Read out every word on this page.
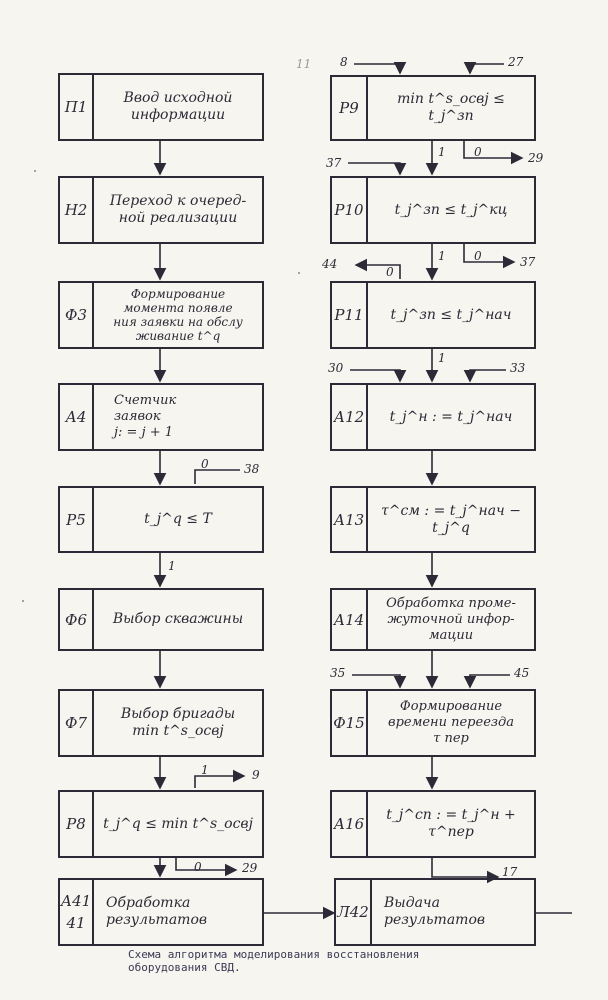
П1	Ввод исходной
информации
Н2	Переход к очеред-
ной реализации
Ф3
Формирование
момента появле
ния заявки на обслу
живание t^q
А4
Счетчик
заявок
j: = j + 1
Р5	t_j^q ≤ T
Ф6	Выбор скважины
Ф7	Выбор бригады
min t^s_освj
Р8	t_j^q ≤ min t^s_освj
А41
41
Обработка
результатов
Р9	min t^s_освj ≤ t_j^зп
Р10	t_j^зп ≤ t_j^кц
Р11	t_j^зп ≤ t_j^нач
А12	t_j^н : = t_j^нач
А13	τ^см : = t_j^нач − t_j^q
А14
Обработка проме-
жуточной инфор-
мации
Ф15
Формирование
времени переезда
τ пер
А16	t_j^сп : = t_j^н + τ^пер
Л42	Выдача
результатов
0	38
1
1	9
0	29
11 8	27
1 0	29
37
1 0	37
44
0
1
30	33
35	45
17
Схема алгоритма моделирования восстановления
оборудования СВД.
